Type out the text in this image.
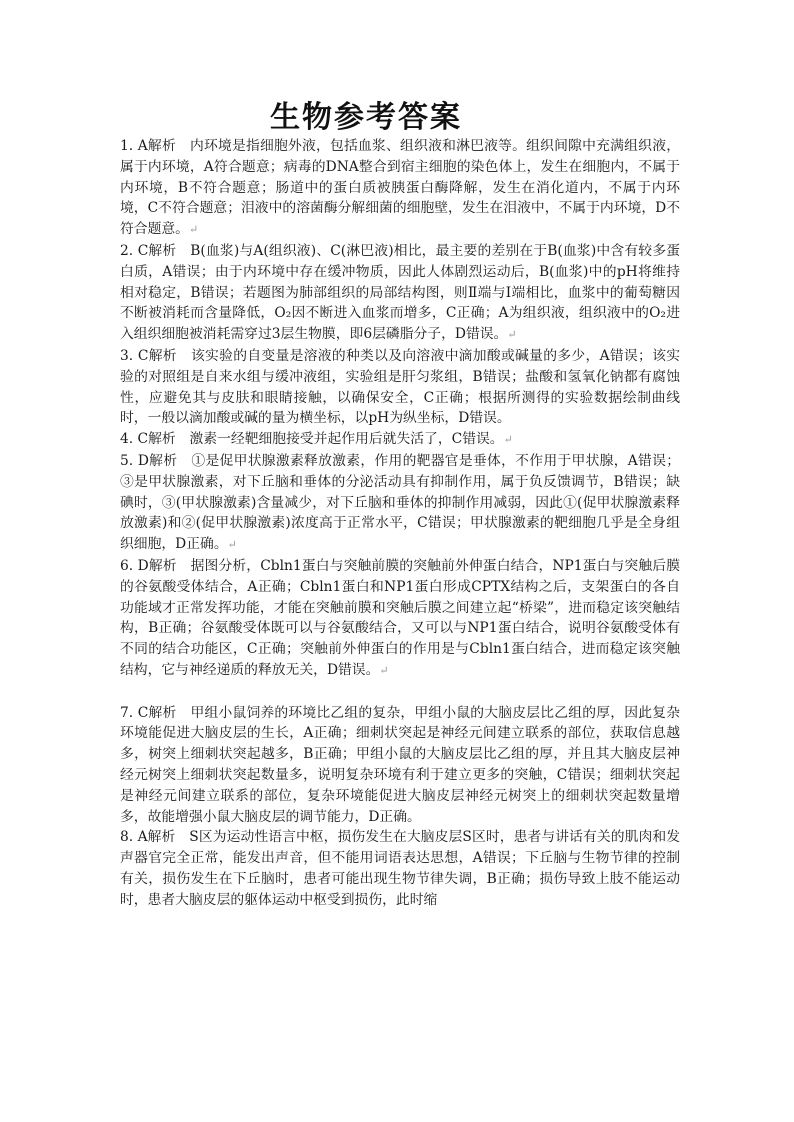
生物参考答案

1. A解析　内环境是指细胞外液，包括血浆、组织液和淋巴液等。组织间隙中充满组织液，属于内环境，A符合题意；病毒的DNA整合到宿主细胞的染色体上，发生在细胞内，不属于内环境，B不符合题意；肠道中的蛋白质被胰蛋白酶降解，发生在消化道内，不属于内环境，C不符合题意；泪液中的溶菌酶分解细菌的细胞壁，发生在泪液中，不属于内环境，D不符合题意。↵

2. C解析　B(血浆)与A(组织液)、C(淋巴液)相比，最主要的差别在于B(血浆)中含有较多蛋白质，A错误；由于内环境中存在缓冲物质，因此人体剧烈运动后，B(血浆)中的pH将维持相对稳定，B错误；若题图为肺部组织的局部结构图，则Ⅱ端与Ⅰ端相比，血浆中的葡萄糖因不断被消耗而含量降低，O₂因不断进入血浆而增多，C正确；A为组织液，组织液中的O₂进入组织细胞被消耗需穿过3层生物膜，即6层磷脂分子，D错误。↵

3. C解析　该实验的自变量是溶液的种类以及向溶液中滴加酸或碱量的多少，A错误；该实验的对照组是自来水组与缓冲液组，实验组是肝匀浆组，B错误；盐酸和氢氧化钠都有腐蚀性，应避免其与皮肤和眼睛接触，以确保安全，C正确；根据所测得的实验数据绘制曲线时，一般以滴加酸或碱的量为横坐标，以pH为纵坐标，D错误。

4. C解析　激素一经靶细胞接受并起作用后就失活了，C错误。↵

5. D解析　①是促甲状腺激素释放激素，作用的靶器官是垂体，不作用于甲状腺，A错误；③是甲状腺激素，对下丘脑和垂体的分泌活动具有抑制作用，属于负反馈调节，B错误；缺碘时，③(甲状腺激素)含量减少，对下丘脑和垂体的抑制作用减弱，因此①(促甲状腺激素释放激素)和②(促甲状腺激素)浓度高于正常水平，C错误；甲状腺激素的靶细胞几乎是全身组织细胞，D正确。↵

6. D解析　据图分析，Cbln1蛋白与突触前膜的突触前外伸蛋白结合，NP1蛋白与突触后膜的谷氨酸受体结合，A正确；Cbln1蛋白和NP1蛋白形成CPTX结构之后，支架蛋白的各自功能域才正常发挥功能，才能在突触前膜和突触后膜之间建立起“桥梁”，进而稳定该突触结构，B正确；谷氨酸受体既可以与谷氨酸结合，又可以与NP1蛋白结合，说明谷氨酸受体有不同的结合功能区，C正确；突触前外伸蛋白的作用是与Cbln1蛋白结合，进而稳定该突触结构，它与神经递质的释放无关，D错误。↵

7. C解析　甲组小鼠饲养的环境比乙组的复杂，甲组小鼠的大脑皮层比乙组的厚，因此复杂环境能促进大脑皮层的生长，A正确；细刺状突起是神经元间建立联系的部位，获取信息越多，树突上细刺状突起越多，B正确；甲组小鼠的大脑皮层比乙组的厚，并且其大脑皮层神经元树突上细刺状突起数量多，说明复杂环境有利于建立更多的突触，C错误；细刺状突起是神经元间建立联系的部位，复杂环境能促进大脑皮层神经元树突上的细刺状突起数量增多，故能增强小鼠大脑皮层的调节能力，D正确。

8. A解析　S区为运动性语言中枢，损伤发生在大脑皮层S区时，患者与讲话有关的肌肉和发声器官完全正常，能发出声音，但不能用词语表达思想，A错误；下丘脑与生物节律的控制有关，损伤发生在下丘脑时，患者可能出现生物节律失调，B正确；损伤导致上肢不能运动时，患者大脑皮层的躯体运动中枢受到损伤，此时缩
